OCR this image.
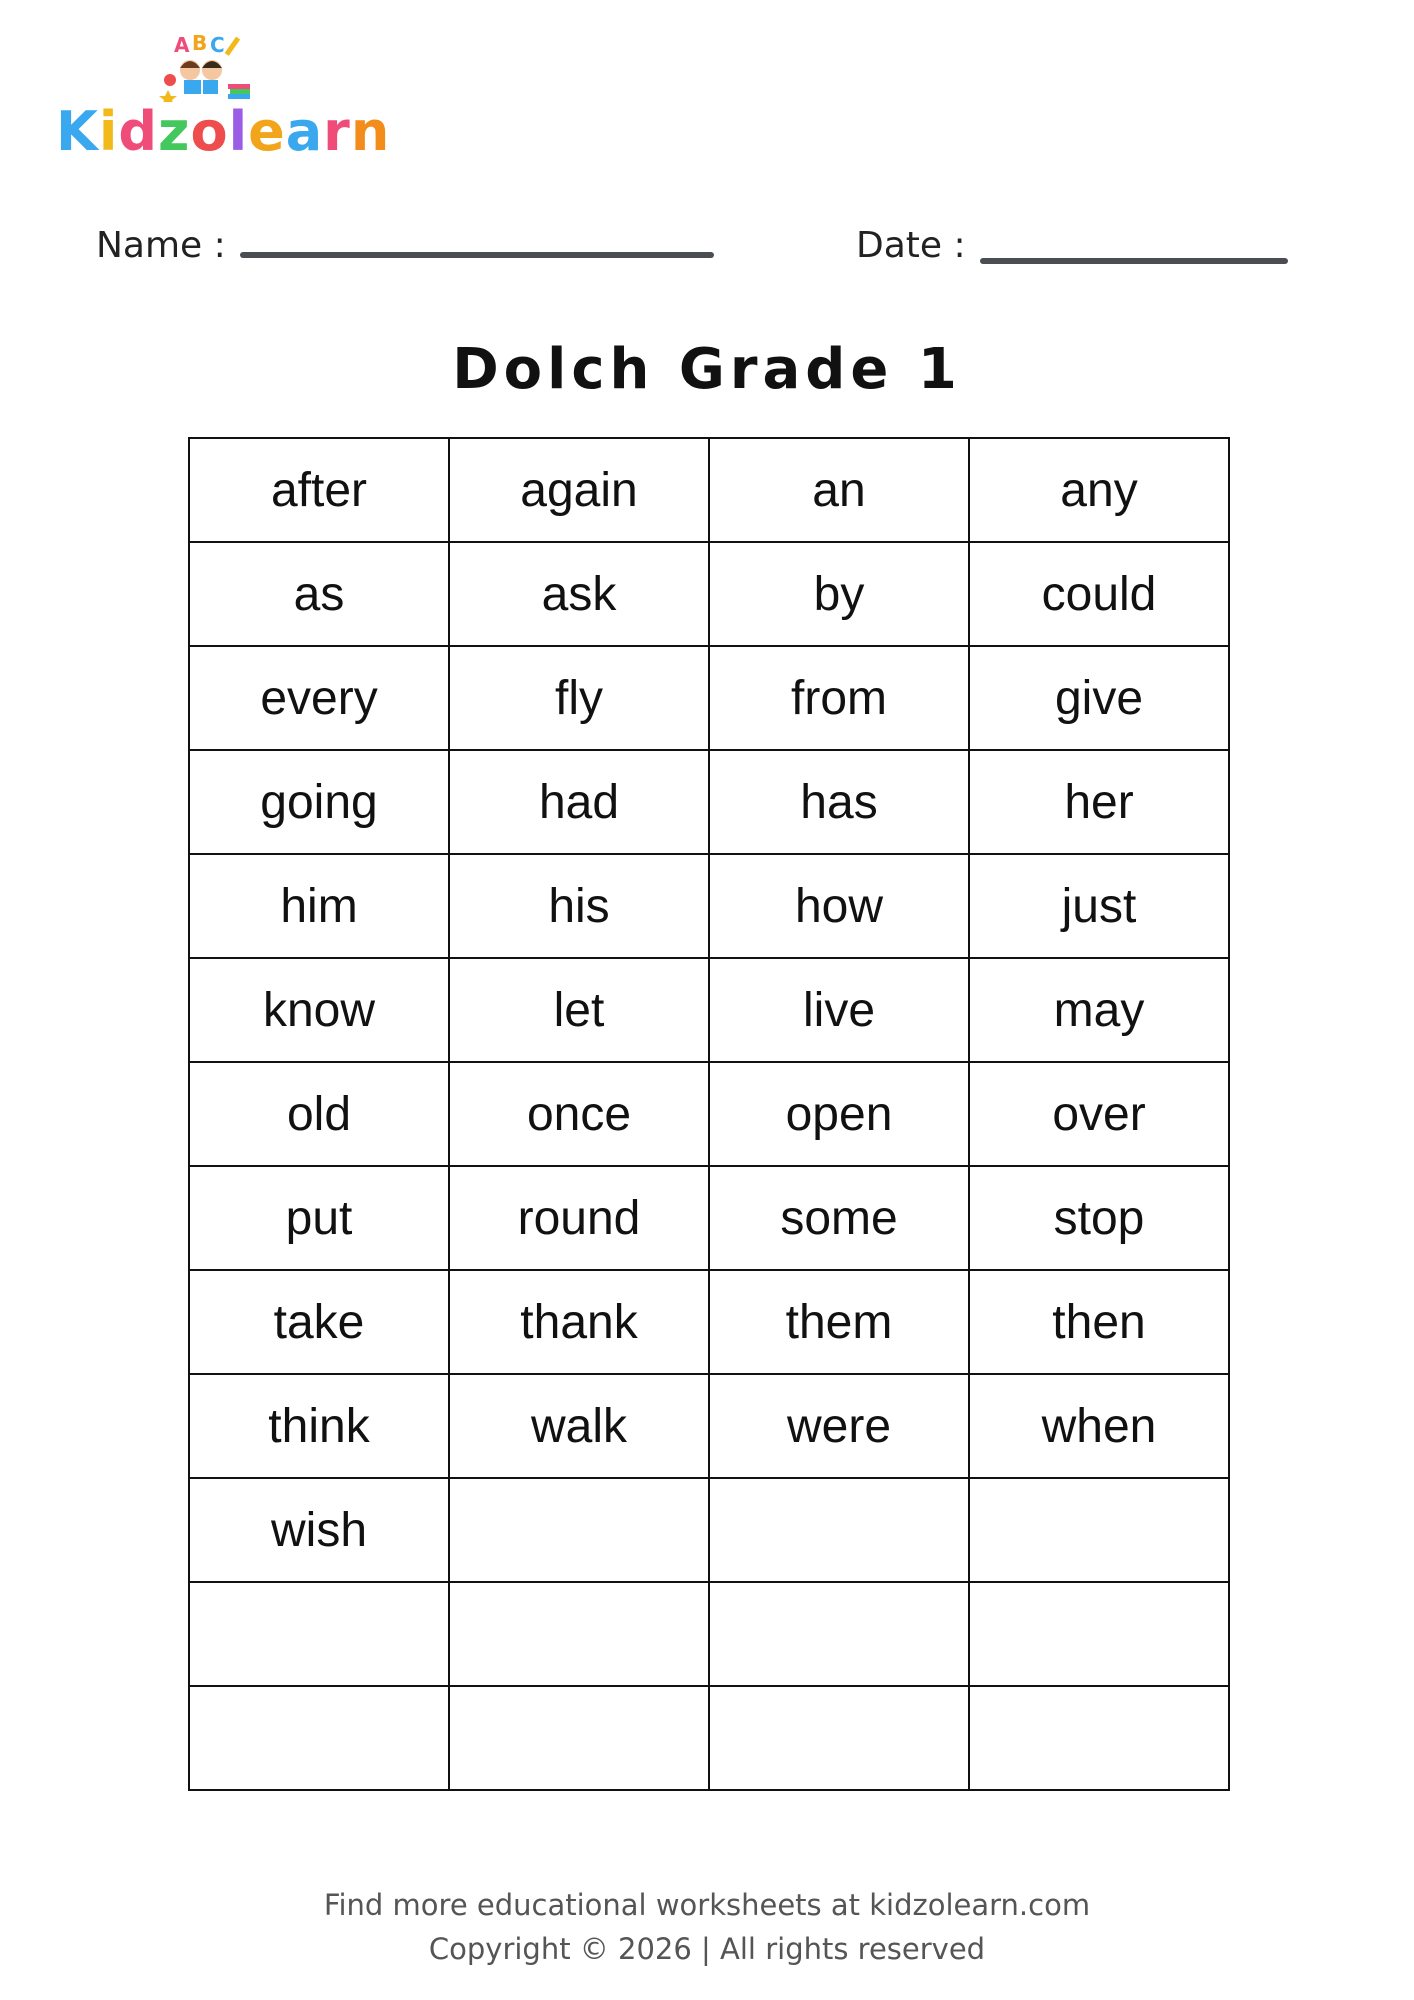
A B C
Kidzolearn
Name :	Date :
Dolch Grade 1
after	again	an	any
as	ask	by	could
every	fly	from	give
going	had	has	her
him	his	how	just
know	let	live	may
old	once	open	over
put	round	some	stop
take	thank	them	then
think	walk	were	when
wish			

Find more educational worksheets at kidzolearn.com
Copyright © 2026 | All rights reserved
